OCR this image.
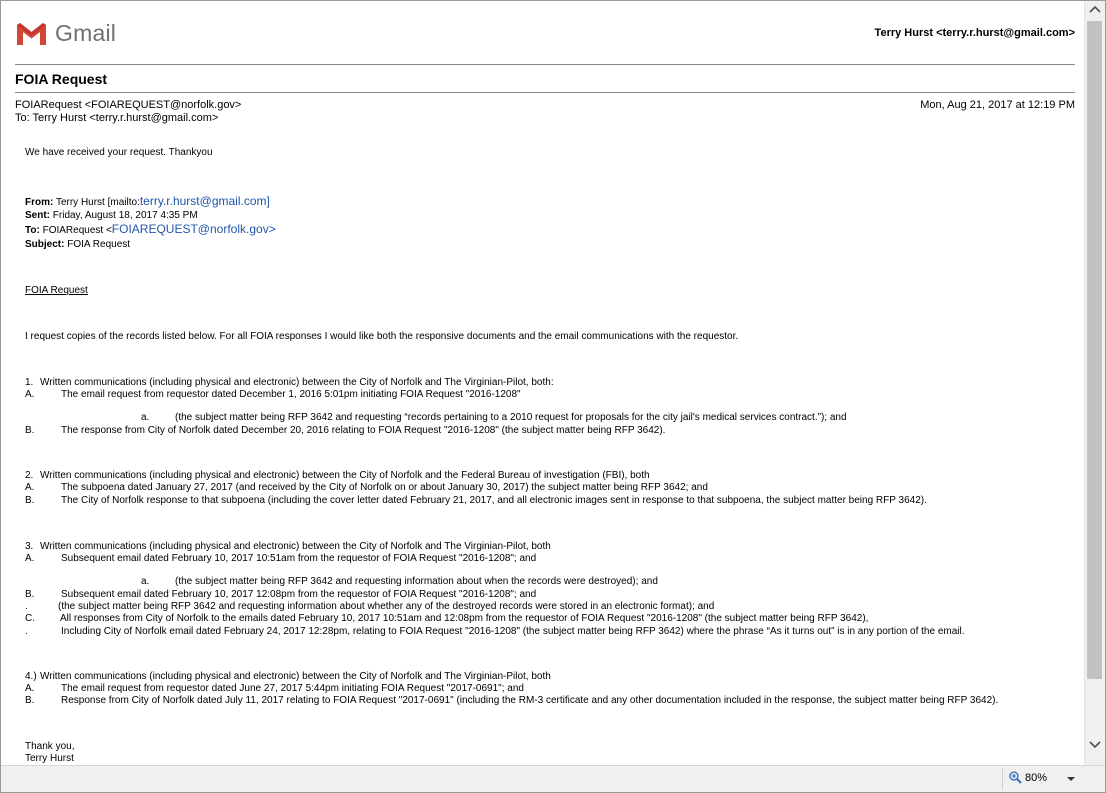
Gmail	Terry Hurst <terry.r.hurst@gmail.com>
FOIA Request
FOIARequest <FOIAREQUEST@norfolk.gov>
To: Terry Hurst <terry.r.hurst@gmail.com>
Mon, Aug 21, 2017 at 12:19 PM
We have received your request. Thankyou
From: Terry Hurst [mailto:terry.r.hurst@gmail.com]
Sent: Friday, August 18, 2017 4:35 PM
To: FOIARequest <FOIAREQUEST@norfolk.gov>
Subject: FOIA Request
FOIA Request
I request copies of the records listed below. For all FOIA responses I would like both the responsive documents and the email communications with the requestor.
1. Written communications (including physical and electronic) between the City of Norfolk and The Virginian-Pilot, both:
A.	The email request from requestor dated December 1, 2016 5:01pm initiating FOIA Request "2016-1208"
a.	(the subject matter being RFP 3642 and requesting “records pertaining to a 2010 request for proposals for the city jail's medical services contract.”); and
B.	The response from City of Norfolk dated December 20, 2016 relating to FOIA Request "2016-1208" (the subject matter being RFP 3642).
2. Written communications (including physical and electronic) between the City of Norfolk and the Federal Bureau of investigation (FBI), both
A.	The subpoena dated January 27, 2017 (and received by the City of Norfolk on or about January 30, 2017) the subject matter being RFP 3642; and
B.	The City of Norfolk response to that subpoena (including the cover letter dated February 21, 2017, and all electronic images sent in response to that subpoena, the subject matter being RFP 3642).
3. Written communications (including physical and electronic) between the City of Norfolk and The Virginian-Pilot, both
A.	Subsequent email dated February 10, 2017 10:51am from the requestor of FOIA Request "2016-1208"; and
a.	(the subject matter being RFP 3642 and requesting information about when the records were destroyed); and
B.	Subsequent email dated February 10, 2017 12:08pm from the requestor of FOIA Request "2016-1208"; and
.	(the subject matter being RFP 3642 and requesting information about whether any of the destroyed records were stored in an electronic format); and
C.	All responses from City of Norfolk to the emails dated February 10, 2017 10:51am and 12:08pm from the requestor of FOIA Request "2016-1208" (the subject matter being RFP 3642),
.	Including City of Norfolk email dated February 24, 2017 12:28pm, relating to FOIA Request "2016-1208" (the subject matter being RFP 3642) where the phrase “As it turns out” is in any portion of the email.
4.) Written communications (including physical and electronic) between the City of Norfolk and The Virginian-Pilot, both
A.	The email request from requestor dated June 27, 2017 5:44pm initiating FOIA Request "2017-0691"; and
B.	Response from City of Norfolk dated July 11, 2017 relating to FOIA Request "2017-0691" (including the RM-3 certificate and any other documentation included in the response, the subject matter being RFP 3642).
Thank you,
Terry Hurst
80%
